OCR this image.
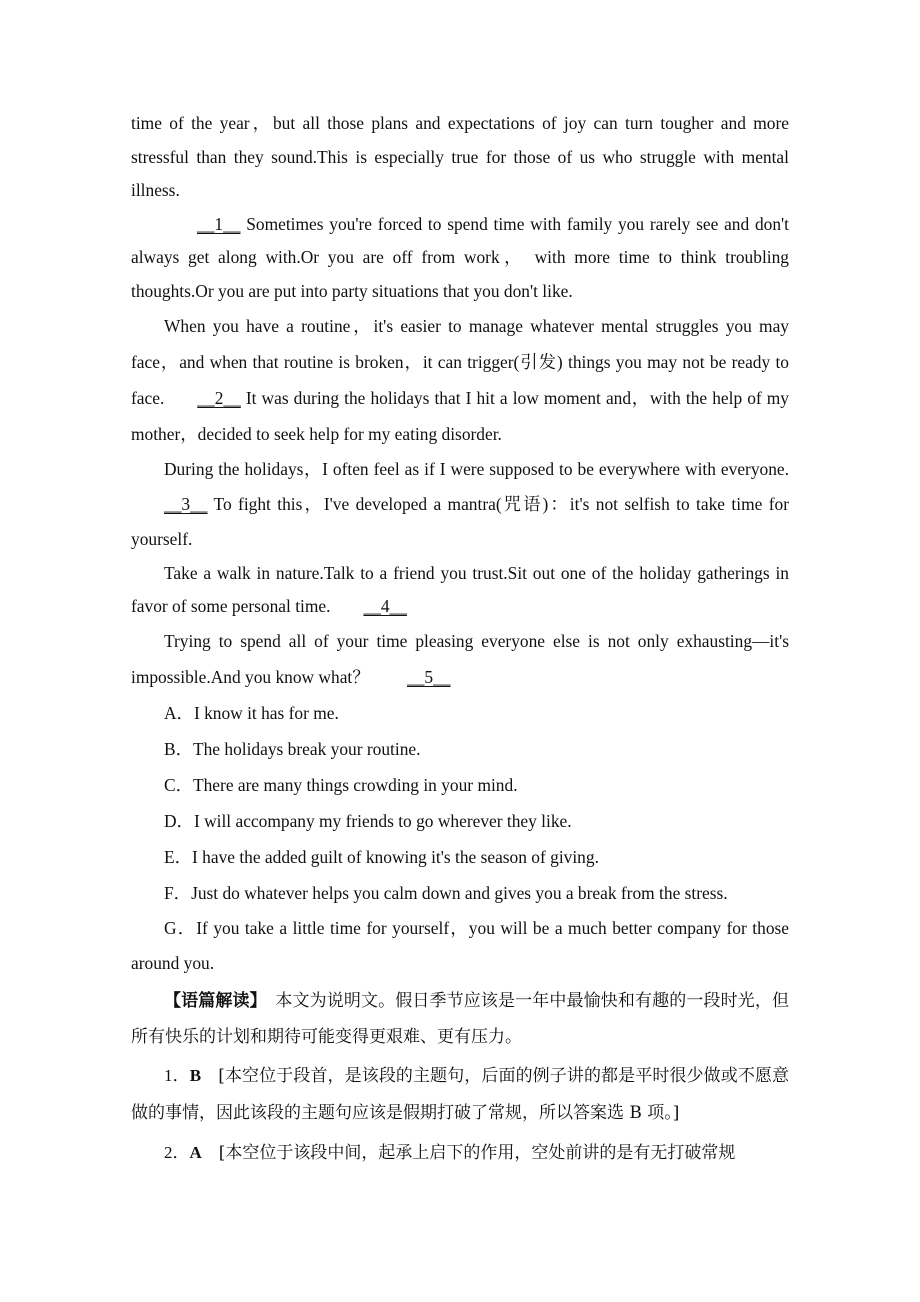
time of the year，but all those plans and expectations of joy can turn tougher and more stressful than they sound.This is especially true for those of us who struggle with mental illness.

__1__ Sometimes you're forced to spend time with family you rarely see and don't always get along with.Or you are off from work， with more time to think troubling thoughts.Or you are put into party situations that you don't like.

When you have a routine，it's easier to manage whatever mental struggles you may face，and when that routine is broken，it can trigger(引发) things you may not be ready to face. __2__ It was during the holidays that I hit a low moment and，with the help of my mother，decided to seek help for my eating disorder.

During the holidays，I often feel as if I were supposed to be everywhere with everyone.__3__ To fight this，I've developed a mantra(咒语)：it's not selfish to take time for yourself.

Take a walk in nature.Talk to a friend you trust.Sit out one of the holiday gatherings in favor of some personal time. __4__

Trying to spend all of your time pleasing everyone else is not only exhausting—it's impossible.And you know what？ __5__

A．I know it has for me.

B．The holidays break your routine.

C．There are many things crowding in your mind.

D．I will accompany my friends to go wherever they like.

E．I have the added guilt of knowing it's the season of giving.

F．Just do whatever helps you calm down and gives you a break from the stress.

G．If you take a little time for yourself，you will be a much better company for those around you.

【语篇解读】　本文为说明文。假日季节应该是一年中最愉快和有趣的一段时光，但所有快乐的计划和期待可能变得更艰难、更有压力。

1．B　[本空位于段首，是该段的主题句，后面的例子讲的都是平时很少做或不愿意做的事情，因此该段的主题句应该是假期打破了常规，所以答案选 B 项。]

2．A　[本空位于该段中间，起承上启下的作用，空处前讲的是有无打破常规
